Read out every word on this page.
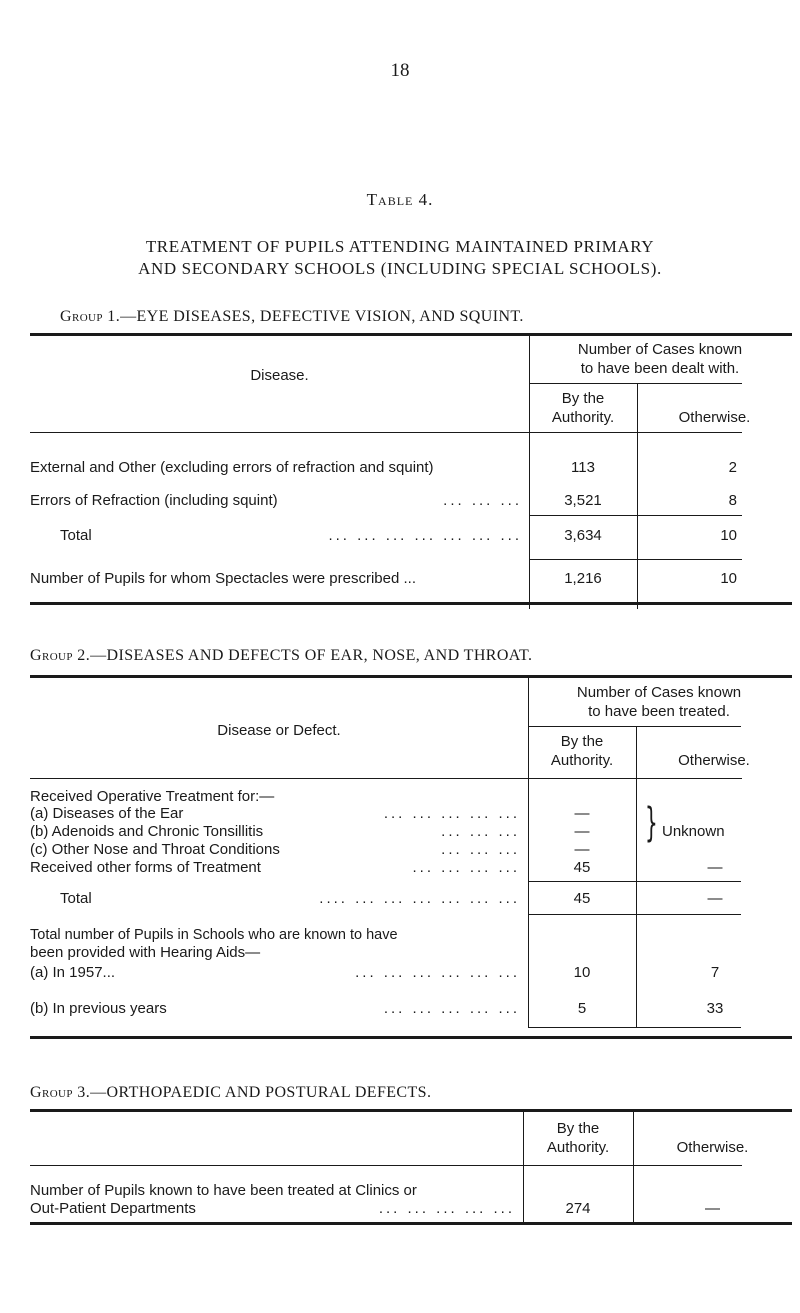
18
Table 4.
TREATMENT OF PUPILS ATTENDING MAINTAINED PRIMARY
AND SECONDARY SCHOOLS (INCLUDING SPECIAL SCHOOLS).
Group 1.—EYE DISEASES, DEFECTIVE VISION, AND SQUINT.
Disease.
Number of Cases known
to have been dealt with.
By the
Authority.	Otherwise.
External and Other (excluding errors of refraction and squint)	113	2
Errors of Refraction (including squint)	... ... ...	3,521	8
Total	... ... ... ... ... ... ...	3,634	10
Number of Pupils for whom Spectacles were prescribed ...	1,216	10
Group 2.—DISEASES AND DEFECTS OF EAR, NOSE, AND THROAT.
Disease or Defect.
Number of Cases known
to have been treated.
By the
Authority.	Otherwise.
Received Operative Treatment for:—
(a) Diseases of the Ear	... ... ... ... ...	—
(b) Adenoids and Chronic Tonsillitis	... ... ...	—
(c) Other Nose and Throat Conditions	... ... ...	—
} Unknown
Received other forms of Treatment	... ... ... ...	45	—
Total	.... ... ... ... ... ... ...	45	—
Total number of Pupils in Schools who are known to have
been provided with Hearing Aids—
(a) In 1957...	... ... ... ... ... ...	10	7
(b) In previous years	... ... ... ... ...	5	33
Group 3.—ORTHOPAEDIC AND POSTURAL DEFECTS.
By the
Authority.	Otherwise.
Number of Pupils known to have been treated at Clinics or
Out-Patient Departments	... ... ... ... ...	274	—
